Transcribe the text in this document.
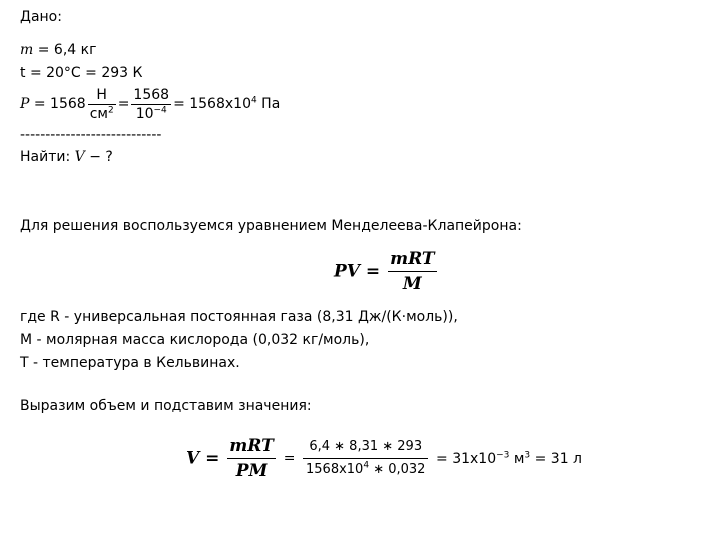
Дано:
m = 6,4 кг
t = 20°C = 293 К
$P = 1568 \frac{Н}{см^2} = \frac{1568}{10^{-4}} = 1568х10^4$ Па
----------------------------
Найти: V − ?
Для решения воспользуемся уравнением Менделеева-Клапейрона:
PV = $\frac{\text{mRT}}{M}$
где R - универсальная постоянная газа (8,31 Дж/(К·моль)),
M - молярная масса кислорода (0,032 кг/моль),
Т - температура в Кельвинах.
Выразим объем и подставим значения:
$V = \frac{\text{mRT}}{PM} = \frac{6,4 ∗ 8,31 ∗ 293}{1568х10^4 ∗ 0,032} = 31х10^{-3}$ $м^3 = 31$ л
